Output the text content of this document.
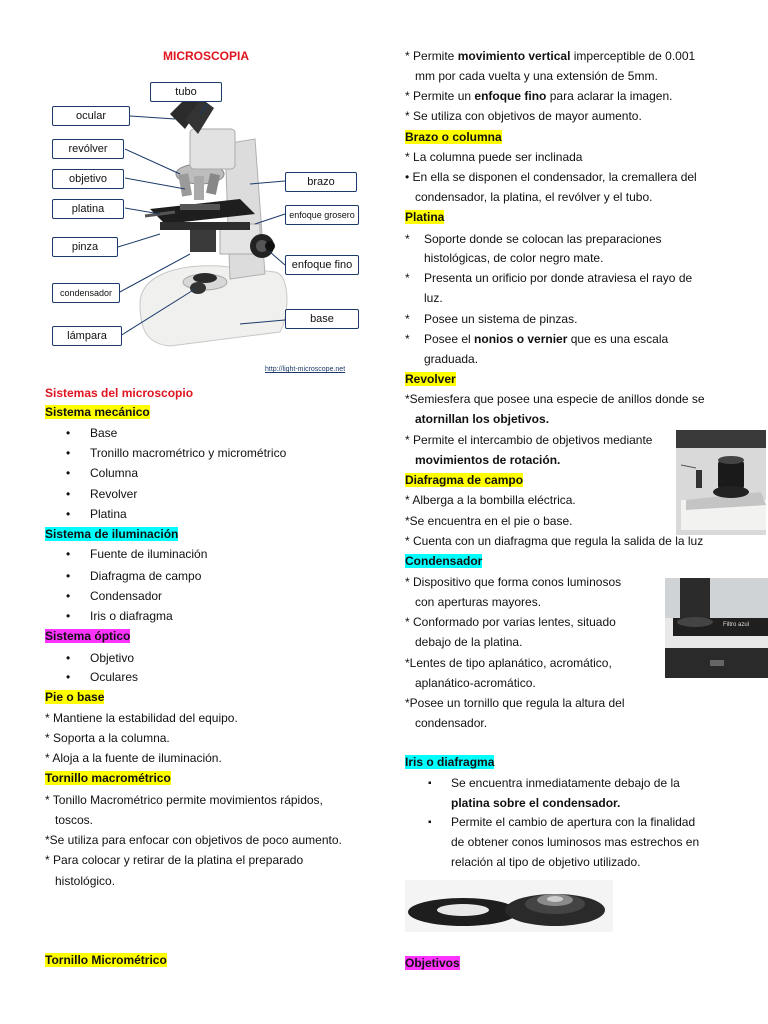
MICROSCOPIA
tubo
ocular
revólver
objetivo	brazo
platina	enfoque grosero
pinza
enfoque fino
condensador
base
lámpara
http://light-microscope.net
Sistemas del microscopio
Sistema mecánico
• Base
• Tronillo macrométrico y micrométrico
• Columna
• Revolver
• Platina
Sistema de iluminación
• Fuente de iluminación
• Diafragma de campo
• Condensador
• Iris o diafragma
Sistema óptico
• Objetivo
• Oculares
Pie o base
* Mantiene la estabilidad del equipo.
* Soporta a la columna.
* Aloja a la fuente de iluminación.
Tornillo macrométrico
* Tonillo Macrométrico permite movimientos rápidos,
toscos.
*Se utiliza para enfocar con objetivos de poco aumento.
* Para colocar y retirar de la platina el preparado
histológico.
Tornillo Micrométrico
* Permite movimiento vertical imperceptible de 0.001
mm por cada vuelta y una extensión de 5mm.
* Permite un enfoque fino para aclarar la imagen.
* Se utiliza con objetivos de mayor aumento.
Brazo o columna
* La columna puede ser inclinada
• En ella se disponen el condensador, la cremallera del
condensador, la platina, el revólver y el tubo.
Platina
* Soporte donde se colocan las preparaciones
histológicas, de color negro mate.
* Presenta un orificio por donde atraviesa el rayo de
luz.
* Posee un sistema de pinzas.
* Posee el nonios o vernier que es una escala
graduada.
Revolver
*Semiesfera que posee una especie de anillos donde se
atornillan los objetivos.
* Permite el intercambio de objetivos mediante
movimientos de rotación.
Diafragma de campo
* Alberga a la bombilla eléctrica.
*Se encuentra en el pie o base.
* Cuenta con un diafragma que regula la salida de la luz
Condensador
* Dispositivo que forma conos luminosos
con aperturas mayores.
* Conformado por varias lentes, situado
debajo de la platina.
*Lentes de tipo aplanático, acromático,
aplanático-acromático.
*Posee un tornillo que regula la altura del
condensador.
Filtro azul
Iris o diafragma
▪ Se encuentra inmediatamente debajo de la
platina sobre el condensador.
▪ Permite el cambio de apertura con la finalidad
de obtener conos luminosos mas estrechos en
relación al tipo de objetivo utilizado.
Objetivos
